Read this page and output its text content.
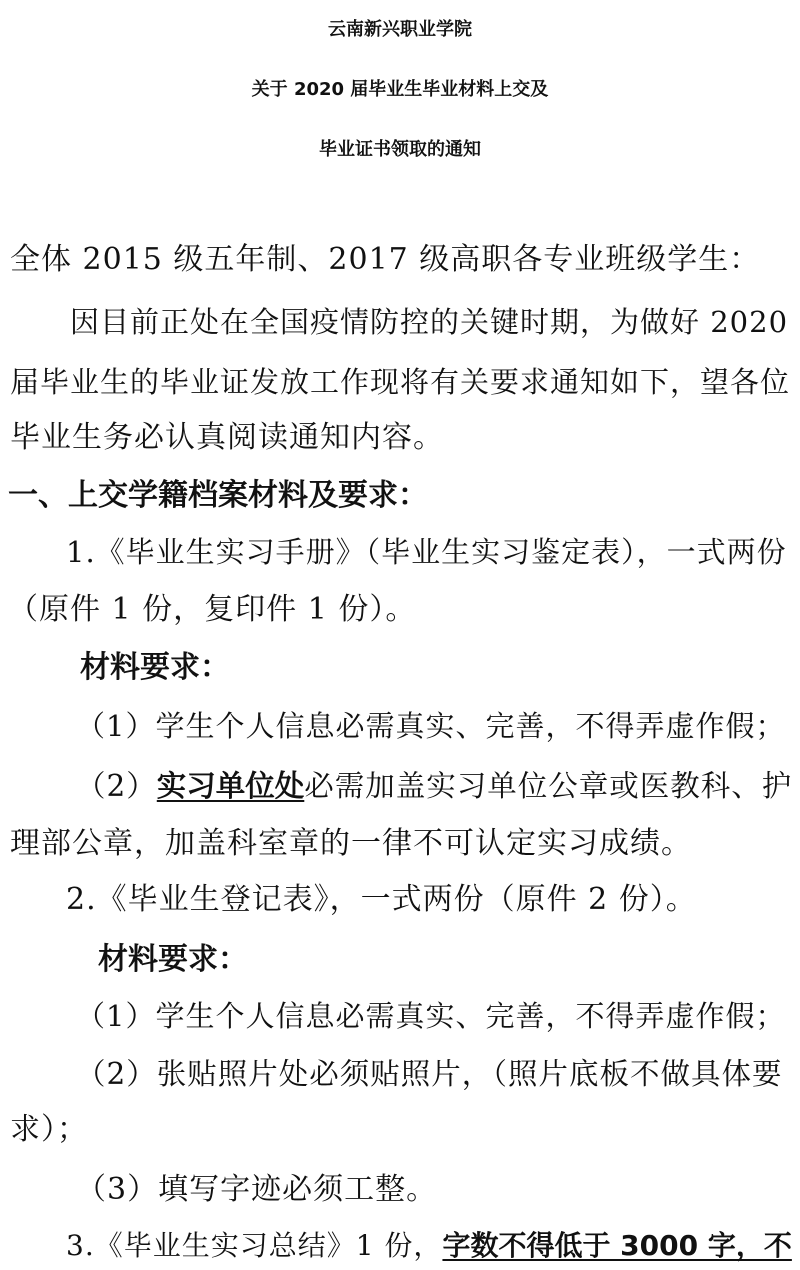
云南新兴职业学院
关于 2020 届毕业生毕业材料上交及
毕业证书领取的通知
全体 2015 级五年制、2017 级高职各专业班级学生：
因目前正处在全国疫情防控的关键时期，为做好 2020
届毕业生的毕业证发放工作现将有关要求通知如下，望各位
毕业生务必认真阅读通知内容。
一、上交学籍档案材料及要求：
1.《毕业生实习手册》（毕业生实习鉴定表），一式两份
（原件 1 份，复印件 1 份）。
材料要求：
（1）学生个人信息必需真实、完善，不得弄虚作假；
（2）实习单位处必需加盖实习单位公章或医教科、护
理部公章，加盖科室章的一律不可认定实习成绩。
2.《毕业生登记表》，一式两份（原件 2 份）。
材料要求：
（1）学生个人信息必需真实、完善，不得弄虚作假；
（2）张贴照片处必须贴照片，（照片底板不做具体要
求）；
（3）填写字迹必须工整。
3.《毕业生实习总结》1 份，字数不得低于 3000 字，不
